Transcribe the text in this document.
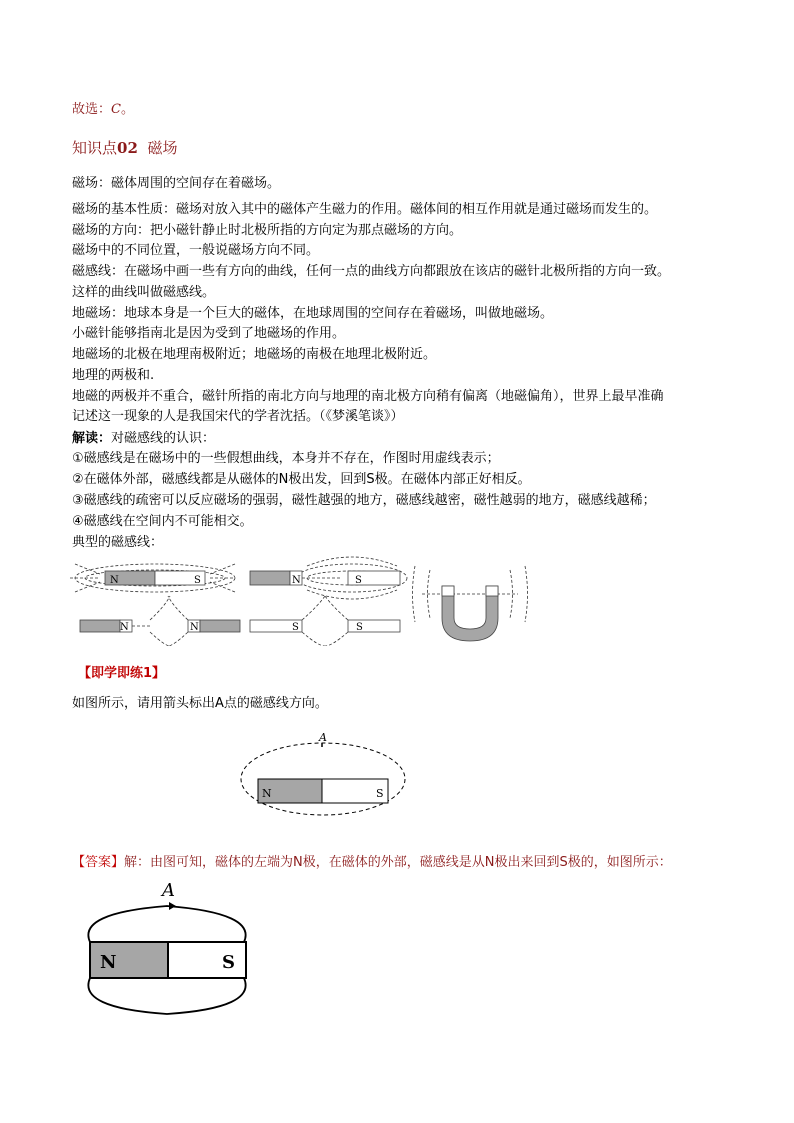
故选：C。
知识点02 磁场
磁场：磁体周围的空间存在着磁场。
磁场的基本性质：磁场对放入其中的磁体产生磁力的作用。磁体间的相互作用就是通过磁场而发生的。
磁场的方向：把小磁针静止时北极所指的方向定为那点磁场的方向。
磁场中的不同位置，一般说磁场方向不同。
磁感线：在磁场中画一些有方向的曲线，任何一点的曲线方向都跟放在该店的磁针北极所指的方向一致。
这样的曲线叫做磁感线。
地磁场：地球本身是一个巨大的磁体，在地球周围的空间存在着磁场，叫做地磁场。
小磁针能够指南北是因为受到了地磁场的作用。
地磁场的北极在地理南极附近；地磁场的南极在地理北极附近。
地理的两极和.
地磁的两极并不重合，磁针所指的南北方向与地理的南北极方向稍有偏离（地磁偏角），世界上最早准确
记述这一现象的人是我国宋代的学者沈括。（《梦溪笔谈》）
解读：对磁感线的认识：
①磁感线是在磁场中的一些假想曲线，本身并不存在，作图时用虚线表示；
②在磁体外部，磁感线都是从磁体的N极出发，回到S极。在磁体内部正好相反。
③磁感线的疏密可以反应磁场的强弱，磁性越强的地方，磁感线越密，磁性越弱的地方，磁感线越稀；
④磁感线在空间内不可能相交。
典型的磁感线：
N	S	N	S
N	N	S	S
【即学即练1】
如图所示，请用箭头标出A点的磁感线方向。
A
N	S
【答案】解：由图可知，磁体的左端为N极，在磁体的外部，磁感线是从N极出来回到S极的，如图所示：
A
N	S
